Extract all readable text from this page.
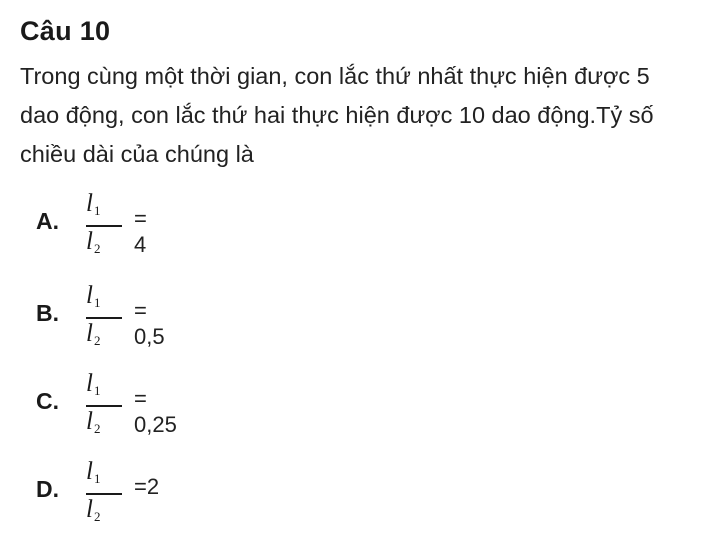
Câu 10
Trong cùng một thời gian, con lắc thứ nhất thực hiện được 5 dao động, con lắc thứ hai thực hiện được 10 dao động.Tỷ số chiều dài của chúng là
A.
$l_1$
$l_2$
= 4
B.
$l_1$
$l_2$
= 0,5
C.
$l_1$
$l_2$
= 0,25
D.
$l_1$
$l_2$
=2
